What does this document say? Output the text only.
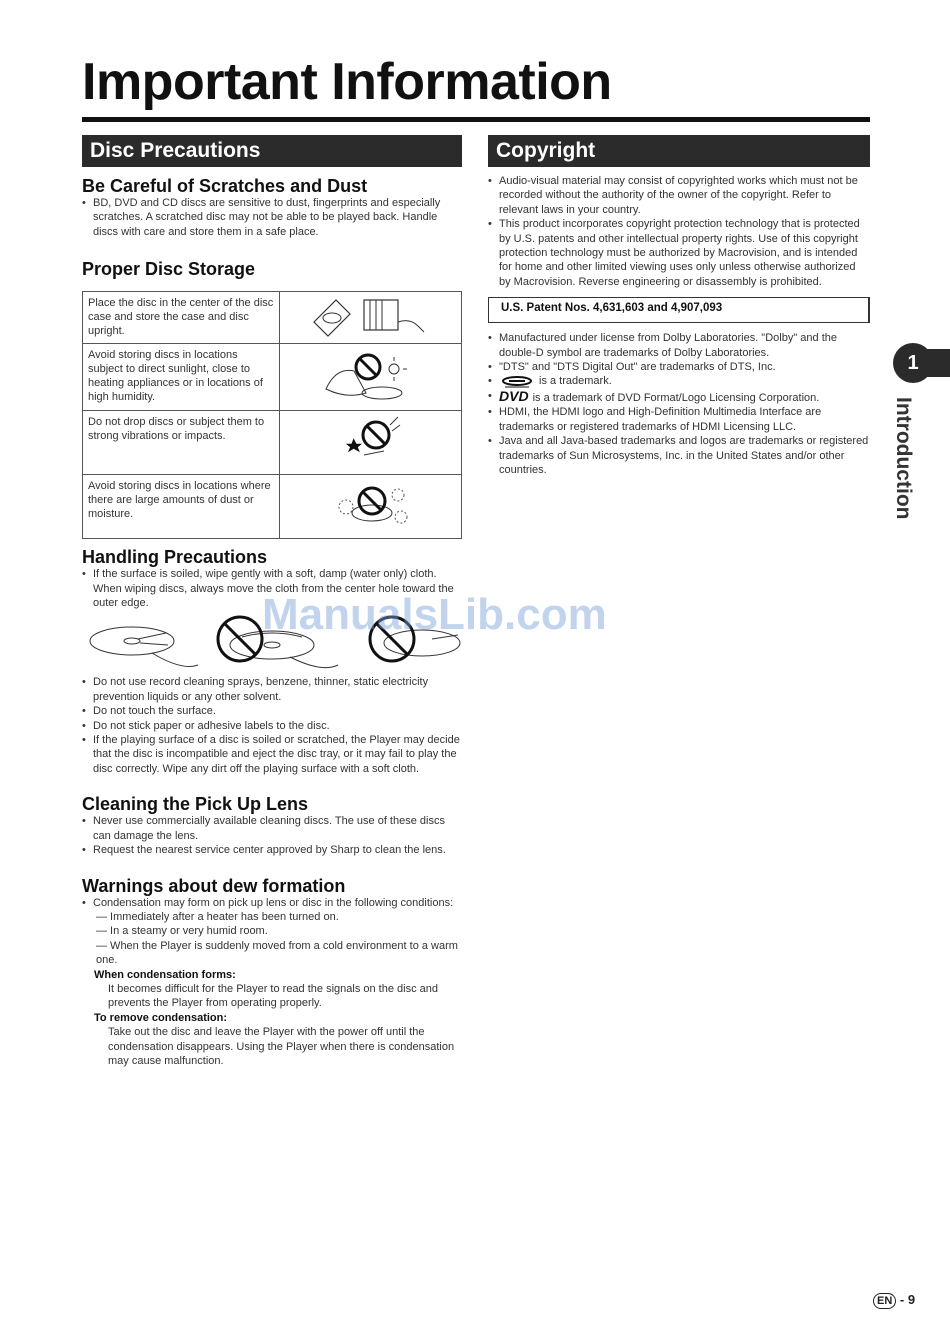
Important Information
Disc Precautions	Copyright
Be Careful of Scratches and Dust
• BD, DVD and CD discs are sensitive to dust, fingerprints and especially scratches. A scratched disc may not be able to be played back. Handle discs with care and store them in a safe place.
Proper Disc Storage
Place the disc in the center of the disc case and store the case and disc upright.	
Avoid storing discs in locations subject to direct sunlight, close to heating appliances or in locations of high humidity.	
Do not drop discs or subject them to strong vibrations or impacts.	
Avoid storing discs in locations where there are large amounts of dust or moisture.	
Handling Precautions
• If the surface is soiled, wipe gently with a soft, damp (water only) cloth. When wiping discs, always move the cloth from the center hole toward the outer edge.
• Do not use record cleaning sprays, benzene, thinner, static electricity prevention liquids or any other solvent.
• Do not touch the surface.
• Do not stick paper or adhesive labels to the disc.
• If the playing surface of a disc is soiled or scratched, the Player may decide that the disc is incompatible and eject the disc tray, or it may fail to play the disc correctly. Wipe any dirt off the playing surface with a soft cloth.
Cleaning the Pick Up Lens
• Never use commercially available cleaning discs. The use of these discs can damage the lens.
• Request the nearest service center approved by Sharp to clean the lens.
Warnings about dew formation
• Condensation may form on pick up lens or disc in the following conditions:
— Immediately after a heater has been turned on.
— In a steamy or very humid room.
— When the Player is suddenly moved from a cold environment to a warm one.
When condensation forms:
It becomes difficult for the Player to read the signals on the disc and prevents the Player from operating properly.
To remove condensation:
Take out the disc and leave the Player with the power off until the condensation disappears. Using the Player when there is condensation may cause malfunction.
• Audio-visual material may consist of copyrighted works which must not be recorded without the authority of the owner of the copyright. Refer to relevant laws in your country.
• This product incorporates copyright protection technology that is protected by U.S. patents and other intellectual property rights. Use of this copyright protection technology must be authorized by Macrovision, and is intended for home and other limited viewing uses only unless otherwise authorized by Macrovision. Reverse engineering or disassembly is prohibited.
U.S. Patent Nos. 4,631,603 and 4,907,093
• Manufactured under license from Dolby Laboratories. "Dolby" and the double-D symbol are trademarks of Dolby Laboratories.
• "DTS" and "DTS Digital Out" are trademarks of DTS, Inc.
• is a trademark.
• DVD is a trademark of DVD Format/Logo Licensing Corporation.
• HDMI, the HDMI logo and High-Definition Multimedia Interface are trademarks or registered trademarks of HDMI Licensing LLC.
• Java and all Java-based trademarks and logos are trademarks or registered trademarks of Sun Microsystems, Inc. in the United States and/or other countries.
1
Introduction
ManualsLib.com
EN - 9
